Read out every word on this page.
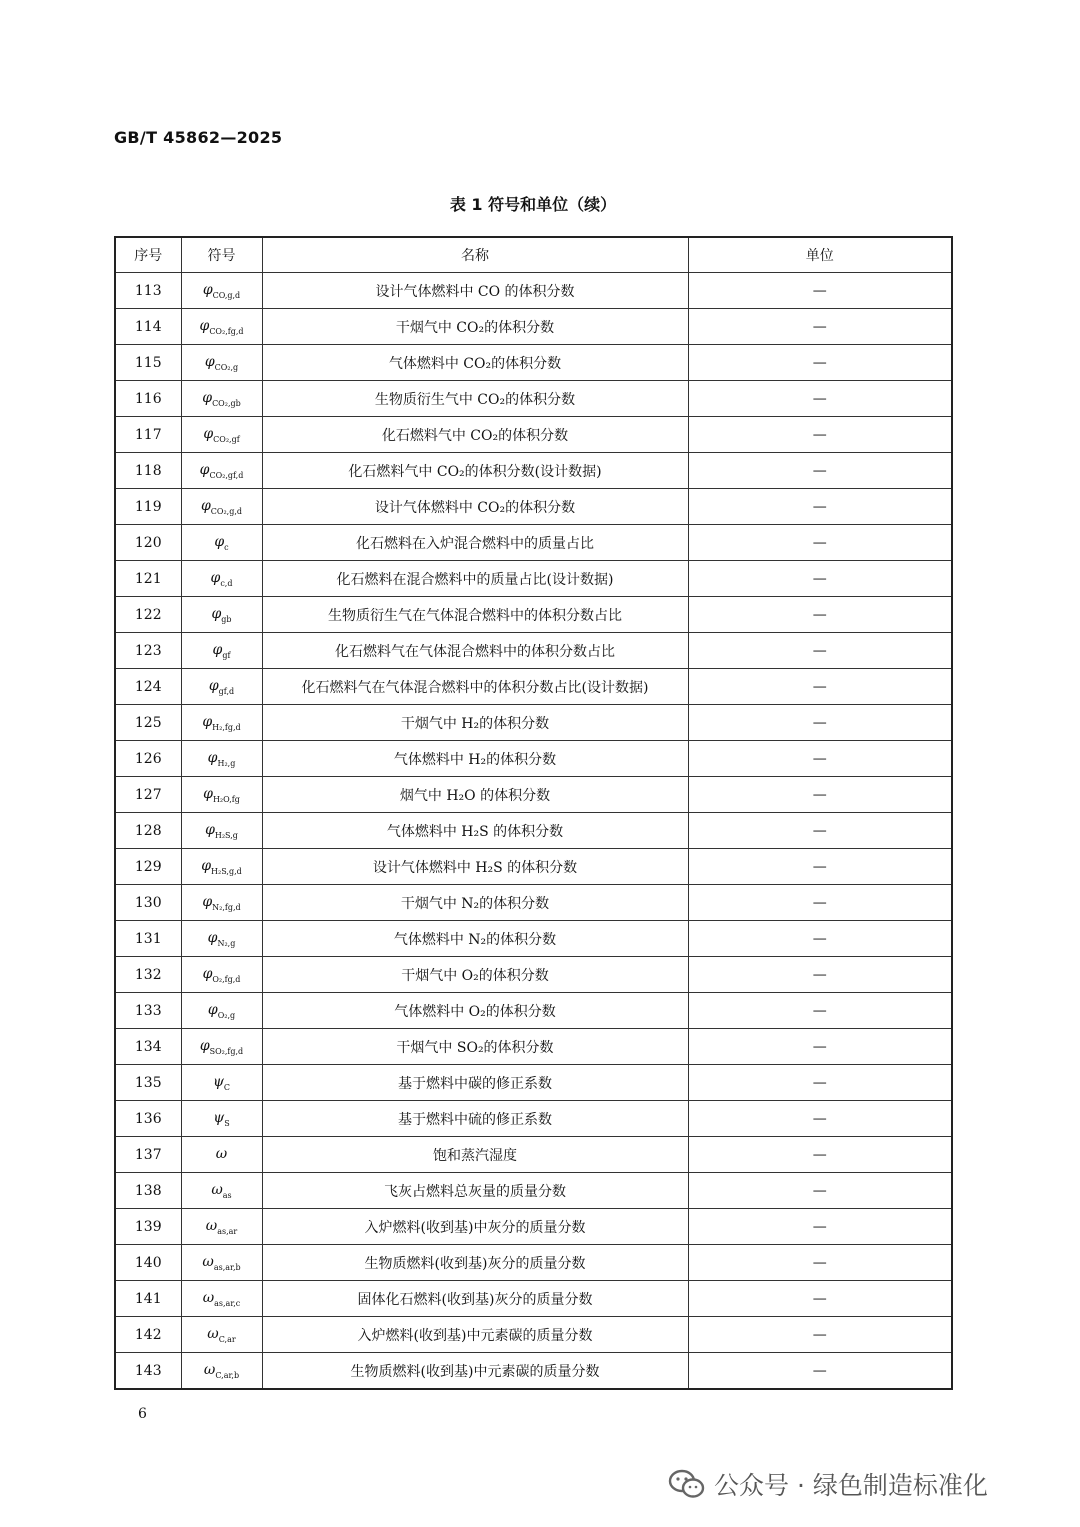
GB/T 45862—2025
表 1 符号和单位（续）
序号	符号	名称	单位
113	$\varphi_{CO,g,d}$	设计气体燃料中 CO 的体积分数	—
114	$\varphi_{CO_2,fg,d}$	干烟气中 CO₂的体积分数	—
115	$\varphi_{CO_2,g}$	气体燃料中 CO₂的体积分数	—
116	$\varphi_{CO_2,gb}$	生物质衍生气中 CO₂的体积分数	—
117	$\varphi_{CO_2,gf}$	化石燃料气中 CO₂的体积分数	—
118	$\varphi_{CO_2,gf,d}$	化石燃料气中 CO₂的体积分数(设计数据)	—
119	$\varphi_{CO_2,g,d}$	设计气体燃料中 CO₂的体积分数	—
120	$\varphi_c$	化石燃料在入炉混合燃料中的质量占比	—
121	$\varphi_{c,d}$	化石燃料在混合燃料中的质量占比(设计数据)	—
122	$\varphi_{gb}$	生物质衍生气在气体混合燃料中的体积分数占比	—
123	$\varphi_{gf}$	化石燃料气在气体混合燃料中的体积分数占比	—
124	$\varphi_{gf,d}$	化石燃料气在气体混合燃料中的体积分数占比(设计数据)	—
125	$\varphi_{H_2,fg,d}$	干烟气中 H₂的体积分数	—
126	$\varphi_{H_2,g}$	气体燃料中 H₂的体积分数	—
127	$\varphi_{H_2O,fg}$	烟气中 H₂O 的体积分数	—
128	$\varphi_{H_2S,g}$	气体燃料中 H₂S 的体积分数	—
129	$\varphi_{H_2S,g,d}$	设计气体燃料中 H₂S 的体积分数	—
130	$\varphi_{N_2,fg,d}$	干烟气中 N₂的体积分数	—
131	$\varphi_{N_2,g}$	气体燃料中 N₂的体积分数	—
132	$\varphi_{O_2,fg,d}$	干烟气中 O₂的体积分数	—
133	$\varphi_{O_2,g}$	气体燃料中 O₂的体积分数	—
134	$\varphi_{SO_2,fg,d}$	干烟气中 SO₂的体积分数	—
135	$\psi_C$	基于燃料中碳的修正系数	—
136	$\psi_S$	基于燃料中硫的修正系数	—
137	ω	饱和蒸汽湿度	—
138	$\omega_{as}$	飞灰占燃料总灰量的质量分数	—
139	$\omega_{as,ar}$	入炉燃料(收到基)中灰分的质量分数	—
140	$\omega_{as,ar,b}$	生物质燃料(收到基)灰分的质量分数	—
141	$\omega_{as,ar,c}$	固体化石燃料(收到基)灰分的质量分数	—
142	$\omega_{C,ar}$	入炉燃料(收到基)中元素碳的质量分数	—
143	$\omega_{C,ar,b}$	生物质燃料(收到基)中元素碳的质量分数	—
6
公众号 · 绿色制造标准化
